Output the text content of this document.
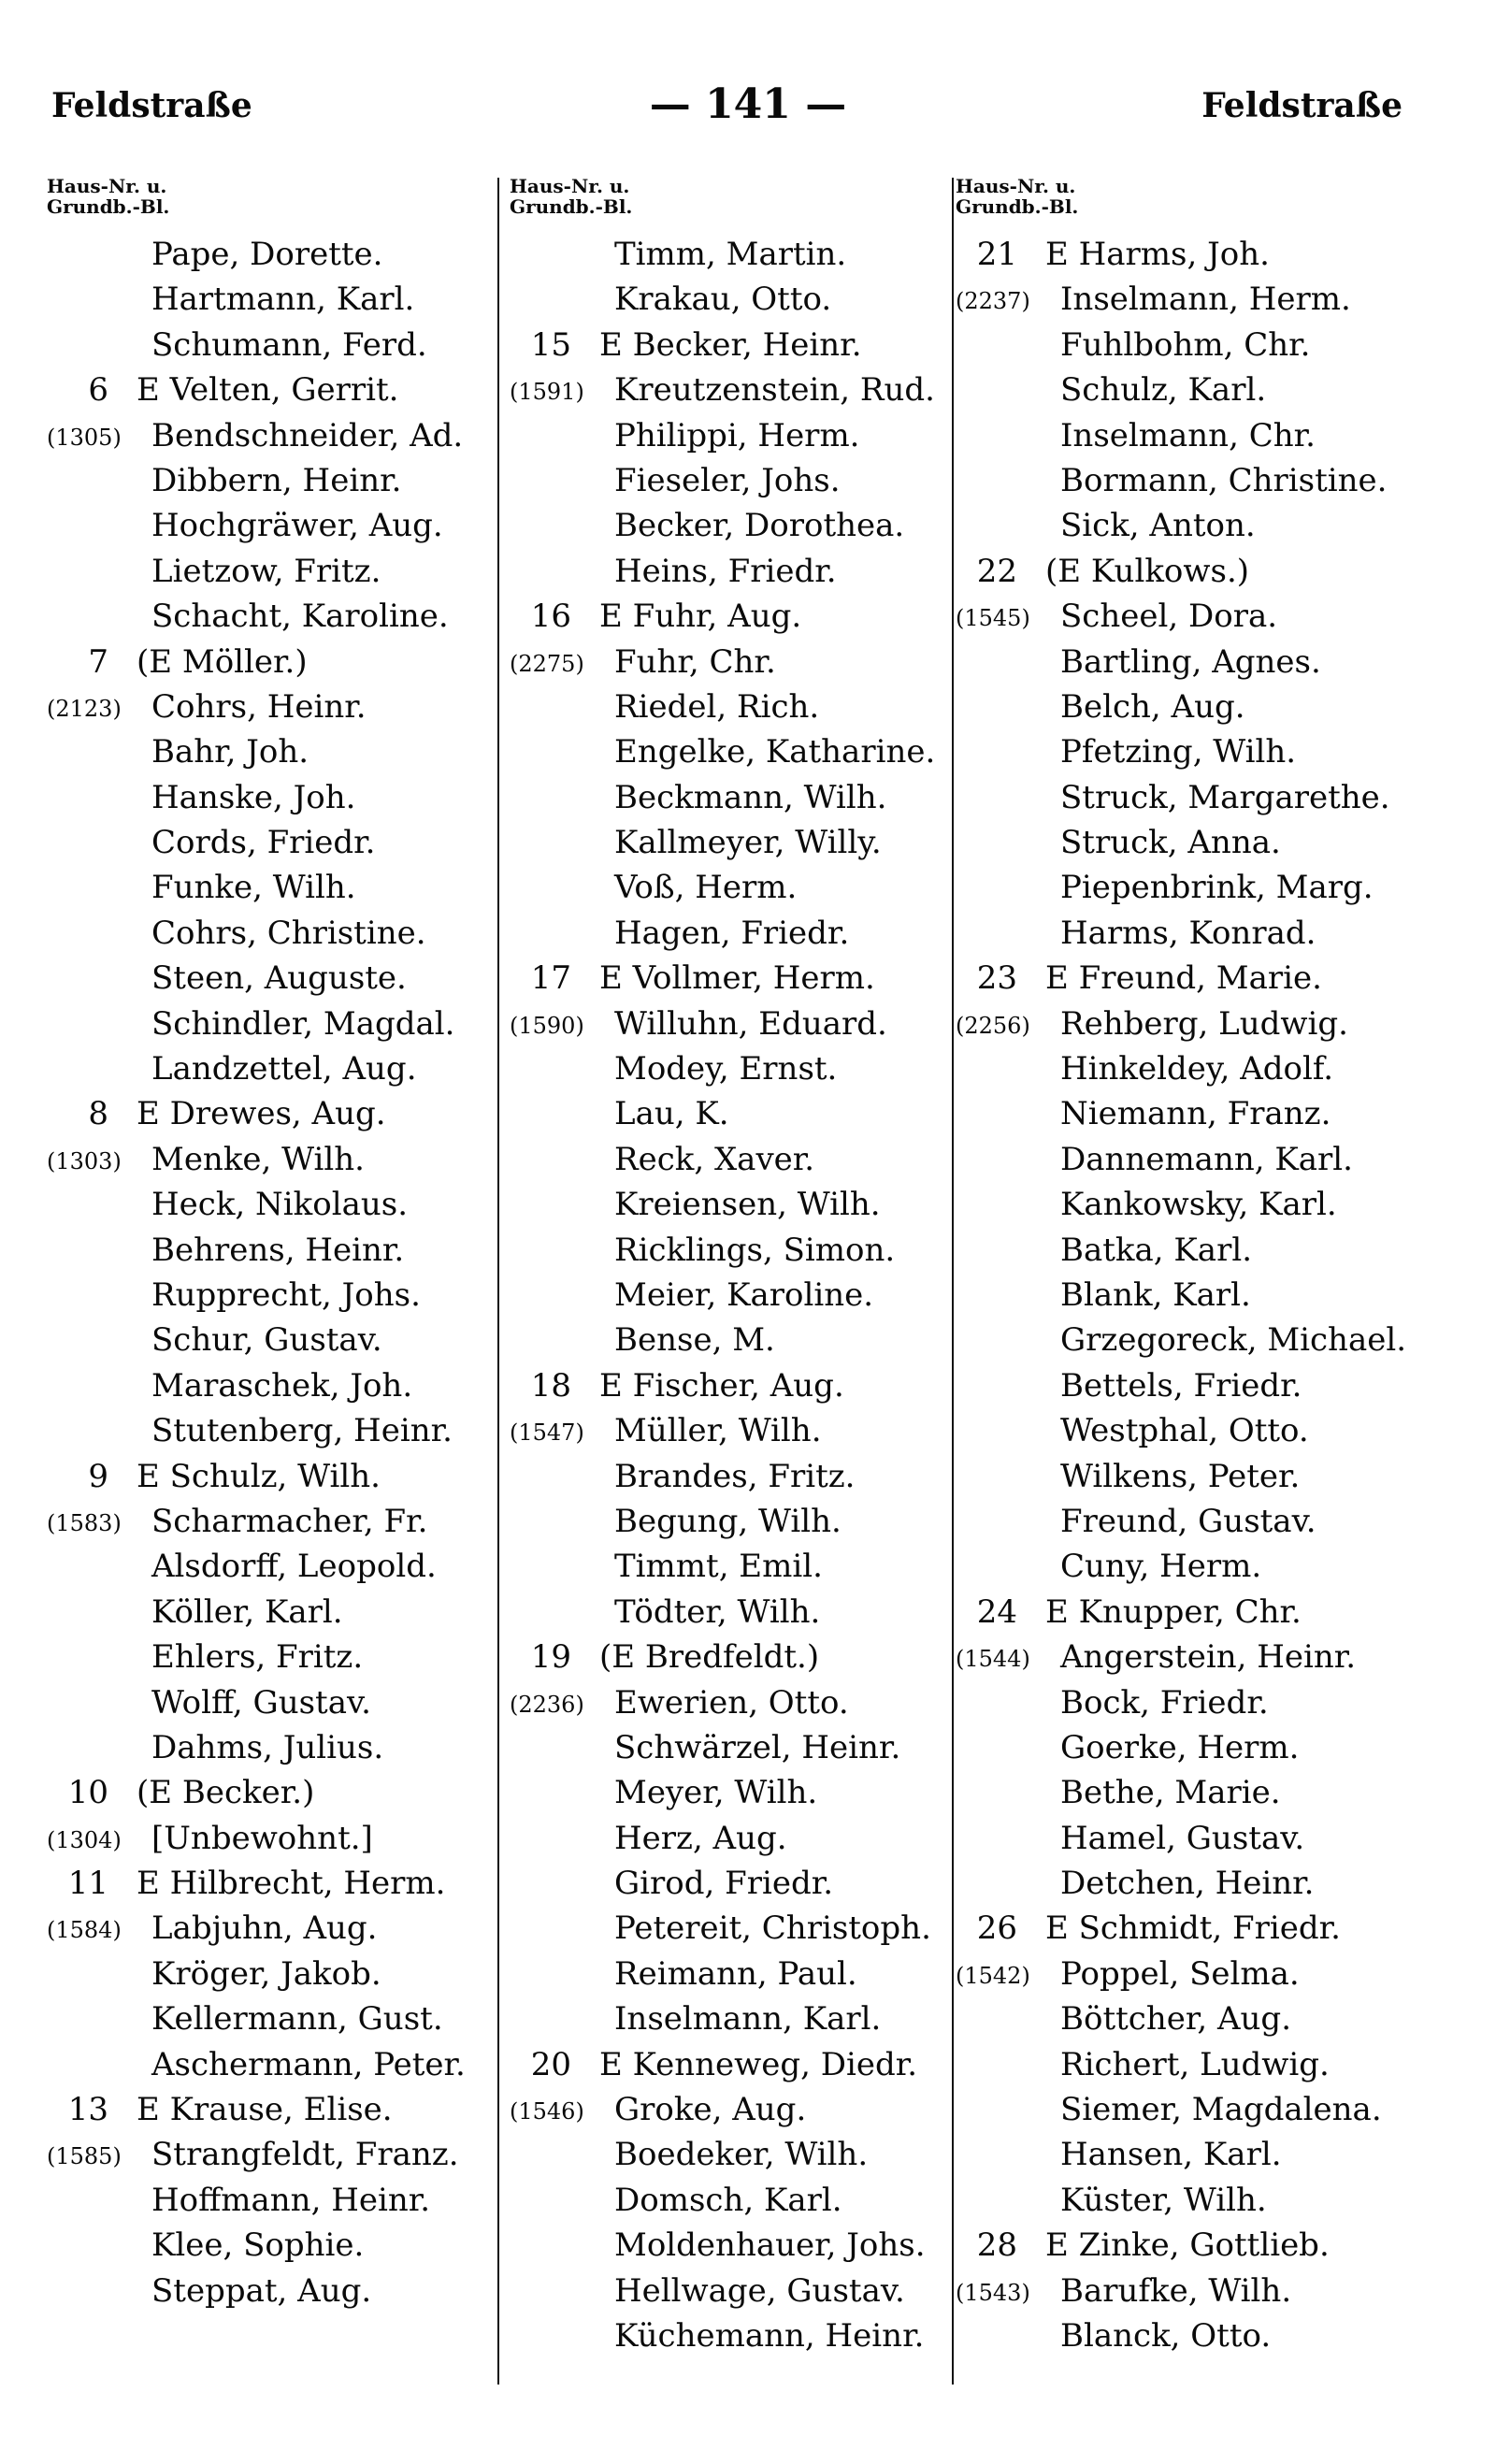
Feldstraße	— 141 —	Feldstraße
Haus-Nr. u.
Grundb.-Bl.
Pape, Dorette.
Hartmann, Karl.
Schumann, Ferd.
6 E Velten, Gerrit.
(1305) Bendschneider, Ad.
Dibbern, Heinr.
Hochgräwer, Aug.
Lietzow, Fritz.
Schacht, Karoline.
7 (E Möller.)
(2123) Cohrs, Heinr.
Bahr, Joh.
Hanske, Joh.
Cords, Friedr.
Funke, Wilh.
Cohrs, Christine.
Steen, Auguste.
Schindler, Magdal.
Landzettel, Aug.
8 E Drewes, Aug.
(1303) Menke, Wilh.
Heck, Nikolaus.
Behrens, Heinr.
Rupprecht, Johs.
Schur, Gustav.
Maraschek, Joh.
Stutenberg, Heinr.
9 E Schulz, Wilh.
(1583) Scharmacher, Fr.
Alsdorff, Leopold.
Köller, Karl.
Ehlers, Fritz.
Wolff, Gustav.
Dahms, Julius.
10 (E Becker.)
(1304) [Unbewohnt.]
11 E Hilbrecht, Herm.
(1584) Labjuhn, Aug.
Kröger, Jakob.
Kellermann, Gust.
Aschermann, Peter.
13 E Krause, Elise.
(1585) Strangfeldt, Franz.
Hoffmann, Heinr.
Klee, Sophie.
Steppat, Aug.
Haus-Nr. u.
Grundb.-Bl.
Timm, Martin.
Krakau, Otto.
15 E Becker, Heinr.
(1591) Kreutzenstein, Rud.
Philippi, Herm.
Fieseler, Johs.
Becker, Dorothea.
Heins, Friedr.
16 E Fuhr, Aug.
(2275) Fuhr, Chr.
Riedel, Rich.
Engelke, Katharine.
Beckmann, Wilh.
Kallmeyer, Willy.
Voß, Herm.
Hagen, Friedr.
17 E Vollmer, Herm.
(1590) Willuhn, Eduard.
Modey, Ernst.
Lau, K.
Reck, Xaver.
Kreiensen, Wilh.
Ricklings, Simon.
Meier, Karoline.
Bense, M.
18 E Fischer, Aug.
(1547) Müller, Wilh.
Brandes, Fritz.
Begung, Wilh.
Timmt, Emil.
Tödter, Wilh.
19 (E Bredfeldt.)
(2236) Ewerien, Otto.
Schwärzel, Heinr.
Meyer, Wilh.
Herz, Aug.
Girod, Friedr.
Petereit, Christoph.
Reimann, Paul.
Inselmann, Karl.
20 E Kenneweg, Diedr.
(1546) Groke, Aug.
Boedeker, Wilh.
Domsch, Karl.
Moldenhauer, Johs.
Hellwage, Gustav.
Küchemann, Heinr.
Haus-Nr. u.
Grundb.-Bl.
21 E Harms, Joh.
(2237) Inselmann, Herm.
Fuhlbohm, Chr.
Schulz, Karl.
Inselmann, Chr.
Bormann, Christine.
Sick, Anton.
22 (E Kulkows.)
(1545) Scheel, Dora.
Bartling, Agnes.
Belch, Aug.
Pfetzing, Wilh.
Struck, Margarethe.
Struck, Anna.
Piepenbrink, Marg.
Harms, Konrad.
23 E Freund, Marie.
(2256) Rehberg, Ludwig.
Hinkeldey, Adolf.
Niemann, Franz.
Dannemann, Karl.
Kankowsky, Karl.
Batka, Karl.
Blank, Karl.
Grzegoreck, Michael.
Bettels, Friedr.
Westphal, Otto.
Wilkens, Peter.
Freund, Gustav.
Cuny, Herm.
24 E Knupper, Chr.
(1544) Angerstein, Heinr.
Bock, Friedr.
Goerke, Herm.
Bethe, Marie.
Hamel, Gustav.
Detchen, Heinr.
26 E Schmidt, Friedr.
(1542) Poppel, Selma.
Böttcher, Aug.
Richert, Ludwig.
Siemer, Magdalena.
Hansen, Karl.
Küster, Wilh.
28 E Zinke, Gottlieb.
(1543) Barufke, Wilh.
Blanck, Otto.
